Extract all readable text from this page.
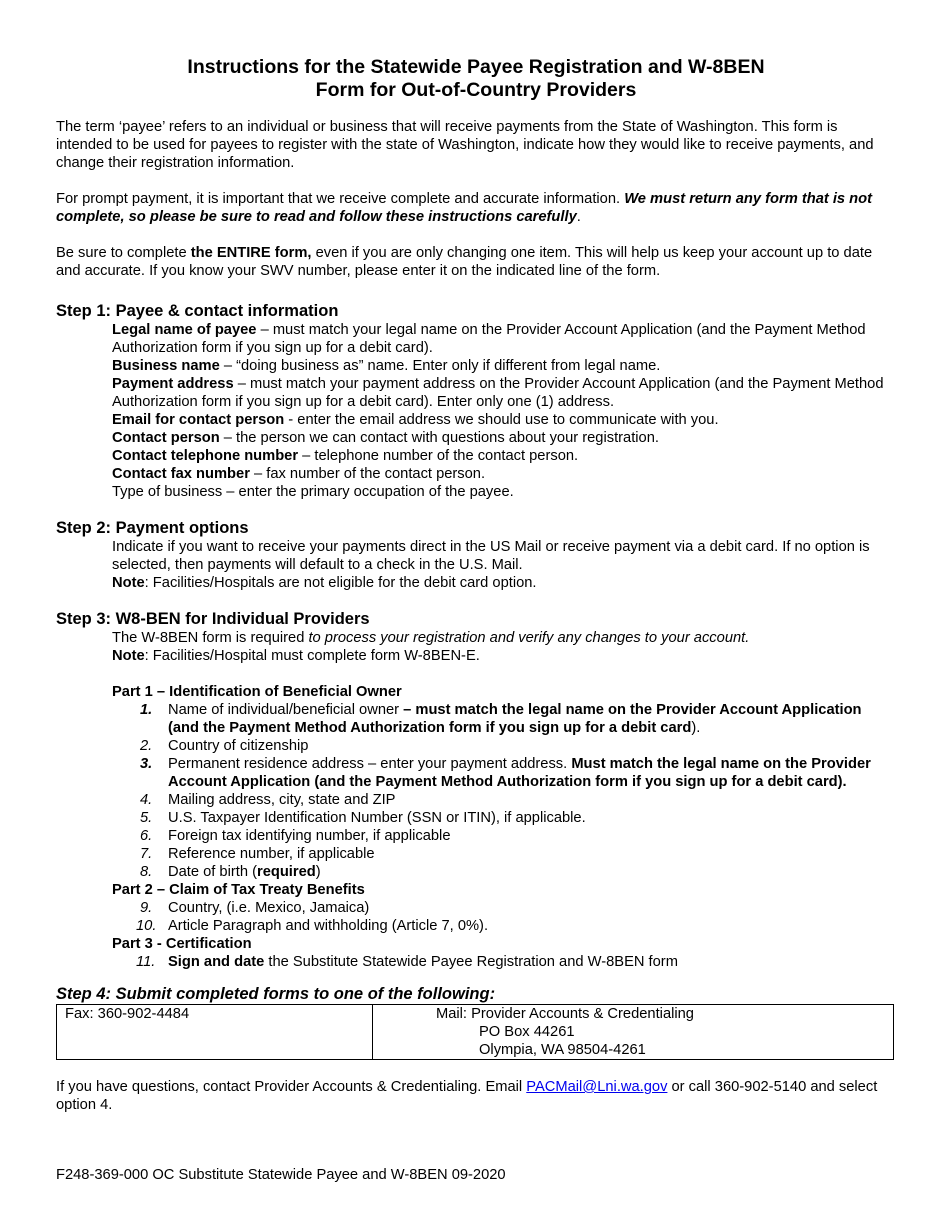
Instructions for the Statewide Payee Registration and W-8BEN
Form for Out-of-Country Providers

The term ‘payee’ refers to an individual or business that will receive payments from the State of Washington. This form is intended to be used for payees to register with the state of Washington, indicate how they would like to receive payments, and change their registration information.

For prompt payment, it is important that we receive complete and accurate information. We must return any form that is not complete, so please be sure to read and follow these instructions carefully.

Be sure to complete the ENTIRE form, even if you are only changing one item. This will help us keep your account up to date and accurate. If you know your SWV number, please enter it on the indicated line of the form.

Step 1: Payee & contact information
Legal name of payee – must match your legal name on the Provider Account Application (and the Payment Method Authorization form if you sign up for a debit card).
Business name – “doing business as” name. Enter only if different from legal name.
Payment address – must match your payment address on the Provider Account Application (and the Payment Method Authorization form if you sign up for a debit card). Enter only one (1) address.
Email for contact person - enter the email address we should use to communicate with you.
Contact person – the person we can contact with questions about your registration.
Contact telephone number – telephone number of the contact person.
Contact fax number – fax number of the contact person.
Type of business – enter the primary occupation of the payee.
Step 2: Payment options
Indicate if you want to receive your payments direct in the US Mail or receive payment via a debit card. If no option is selected, then payments will default to a check in the U.S. Mail.
Note: Facilities/Hospitals are not eligible for the debit card option.
Step 3: W8-BEN for Individual Providers
The W-8BEN form is required to process your registration and verify any changes to your account.
Note: Facilities/Hospital must complete form W-8BEN-E.
Part 1 – Identification of Beneficial Owner
1.	Name of individual/beneficial owner – must match the legal name on the Provider Account Application (and the Payment Method Authorization form if you sign up for a debit card).
2.	Country of citizenship
3.	Permanent residence address – enter your payment address. Must match the legal name on the Provider Account Application (and the Payment Method Authorization form if you sign up for a debit card).
4.	Mailing address, city, state and ZIP
5.	U.S. Taxpayer Identification Number (SSN or ITIN), if applicable.
6.	Foreign tax identifying number, if applicable
7.	Reference number, if applicable
8.	Date of birth (required)
Part 2 – Claim of Tax Treaty Benefits
9.	Country, (i.e. Mexico, Jamaica)
10. Article Paragraph and withholding (Article 7, 0%).
Part 3 - Certification
11. Sign and date the Substitute Statewide Payee Registration and W-8BEN form
Step 4: Submit completed forms to one of the following:
Fax: 360-902-4484	Mail: Provider Accounts & Credentialing
PO Box 44261
Olympia, WA 98504-4261

If you have questions, contact Provider Accounts & Credentialing. Email PACMail@Lni.wa.gov or call 360-902-5140 and select option 4.

F248-369-000 OC Substitute Statewide Payee and W-8BEN 09-2020
